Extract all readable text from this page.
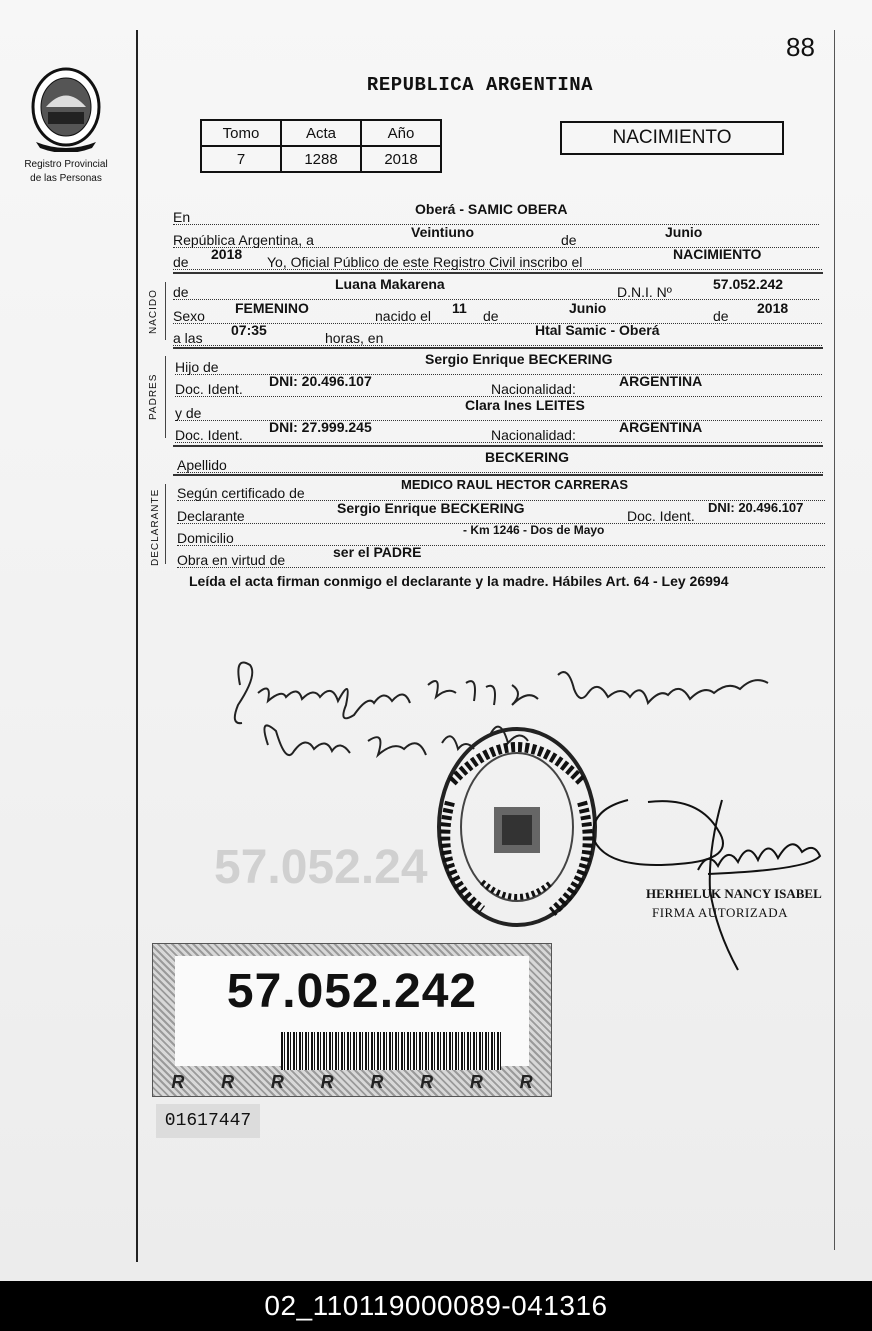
88
Registro Provincial
de las Personas
REPUBLICA ARGENTINA
Tomo	Acta	Año
7	1288	2018
NACIMIENTO
En	Oberá - SAMIC OBERA
República Argentina, a	Veintiuno	de	Junio
de 2018 Yo, Oficial Público de este Registro Civil inscribo el	NACIMIENTO
NACIDO de	Luana Makarena	D.N.I. Nº	57.052.242
Sexo FEMENINO	nacido el 11 de	Junio	de 2018
a las 07:35	horas, en	Htal Samic - Oberá
PADRES
Hijo de	Sergio Enrique BECKERING
Doc. Ident. DNI: 20.496.107	Nacionalidad:	ARGENTINA
y de	Clara Ines LEITES
Doc. Ident. DNI: 27.999.245	Nacionalidad:	ARGENTINA
Apellido	BECKERING
DECLARANTE Según certificado de
MEDICO RAUL HECTOR CARRERAS
Declarante	Sergio Enrique BECKERING	Doc. Ident.
DNI: 20.496.107
Domicilio	- Km 1246 - Dos de Mayo
Obra en virtud de	ser el PADRE
Leída el acta firman conmigo el declarante y la madre. Hábiles Art. 64 - Ley 26994
HERHELUK NANCY ISABEL
FIRMA AUTORIZADA
57.052.24
57.052.242
R R R R R R R R
01617447
02_110119000089-041316
